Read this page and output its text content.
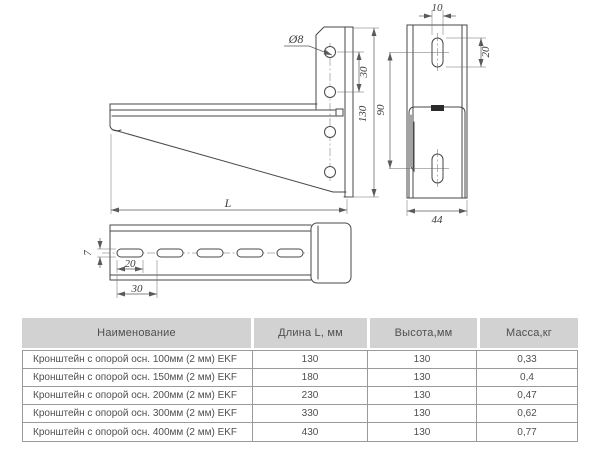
Ø8
30
130
L
10
20
90
44
7
20
30
Наименование	Длина L, мм	Высота,мм	Масса,кг
Кронштейн с опорой осн. 100мм (2 мм) EKF	130	130	0,33
Кронштейн с опорой осн. 150мм (2 мм) EKF	180	130	0,4
Кронштейн с опорой осн. 200мм (2 мм) EKF	230	130	0,47
Кронштейн с опорой осн. 300мм (2 мм) EKF	330	130	0,62
Кронштейн с опорой осн. 400мм (2 мм) EKF	430	130	0,77
